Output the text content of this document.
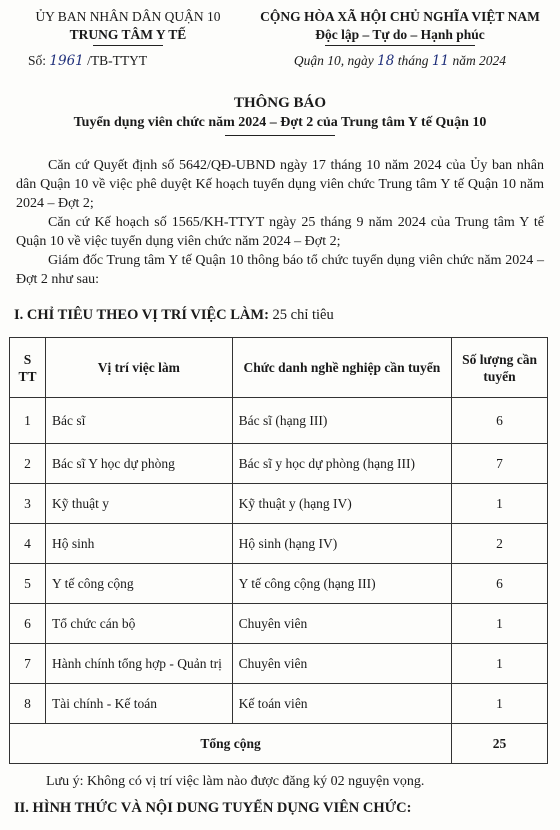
ỦY BAN NHÂN DÂN QUẬN 10
TRUNG TÂM Y TẾ
Số: 1961 /TB-TTYT
CỘNG HÒA XÃ HỘI CHỦ NGHĨA VIỆT NAM
Độc lập – Tự do – Hạnh phúc
Quận 10, ngày 18 tháng 11 năm 2024
THÔNG BÁO
Tuyển dụng viên chức năm 2024 – Đợt 2 của Trung tâm Y tế Quận 10

Căn cứ Quyết định số 5642/QĐ-UBND ngày 17 tháng 10 năm 2024 của Ủy ban nhân dân Quận 10 về việc phê duyệt Kế hoạch tuyển dụng viên chức Trung tâm Y tế Quận 10 năm 2024 – Đợt 2;

Căn cứ Kế hoạch số 1565/KH-TTYT ngày 25 tháng 9 năm 2024 của Trung tâm Y tế Quận 10 về việc tuyển dụng viên chức năm 2024 – Đợt 2;

Giám đốc Trung tâm Y tế Quận 10 thông báo tổ chức tuyển dụng viên chức năm 2024 – Đợt 2 như sau:

I. CHỈ TIÊU THEO VỊ TRÍ VIỆC LÀM: 25 chỉ tiêu
S TT	Vị trí việc làm	Chức danh nghề nghiệp cần tuyển	Số lượng cần tuyển
1	Bác sĩ	Bác sĩ (hạng III)	6
2	Bác sĩ Y học dự phòng	Bác sĩ y học dự phòng (hạng III)	7
3	Kỹ thuật y	Kỹ thuật y (hạng IV)	1
4	Hộ sinh	Hộ sinh (hạng IV)	2
5	Y tế công cộng	Y tế công cộng (hạng III)	6
6	Tổ chức cán bộ	Chuyên viên	1
7	Hành chính tổng hợp - Quản trị	Chuyên viên	1
8	Tài chính - Kế toán	Kế toán viên	1
Tổng cộng			25
Lưu ý: Không có vị trí việc làm nào được đăng ký 02 nguyện vọng.
II. HÌNH THỨC VÀ NỘI DUNG TUYỂN DỤNG VIÊN CHỨC:
